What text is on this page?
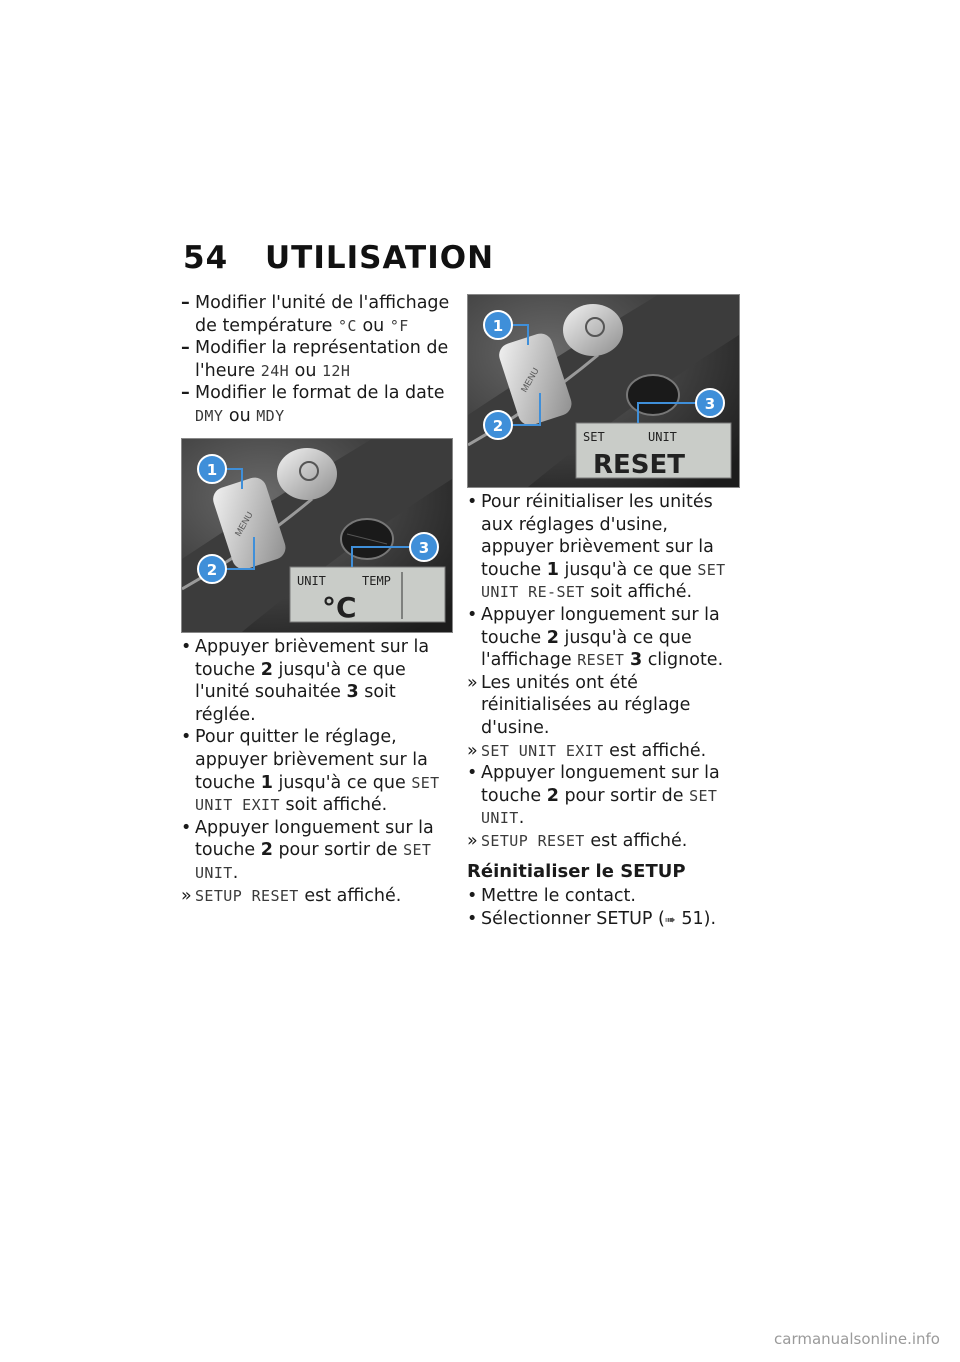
54 UTILISATION
– Modifier l'unité de l'affichage de température °C ou °F
– Modifier la représentation de l'heure 24H ou 12H
– Modifier le format de la date DMY ou MDY
MENU
UNIT	TEMP
°C
1
2
3
• Appuyer brièvement sur la touche 2 jusqu'à ce que l'unité souhaitée 3 soit réglée.
• Pour quitter le réglage, appuyer brièvement sur la touche 1 jusqu'à ce que SET UNIT EXIT soit affiché.
• Appuyer longuement sur la touche 2 pour sortir de SET UNIT.
» SETUP RESET est affiché.
MENU
SET	UNIT
RESET
1
2
3
• Pour réinitialiser les unités aux réglages d'usine, appuyer brièvement sur la touche 1 jusqu'à ce que SET UNIT RE-SET soit affiché.
• Appuyer longuement sur la touche 2 jusqu'à ce que l'affichage RESET 3 clignote.
» Les unités ont été réinitialisées au réglage d'usine.
» SET UNIT EXIT est affiché.
• Appuyer longuement sur la touche 2 pour sortir de SET UNIT.
» SETUP RESET est affiché.
Réinitialiser le SETUP
• Mettre le contact.
• Sélectionner SETUP (➠ 51).
carmanualsonline.info
